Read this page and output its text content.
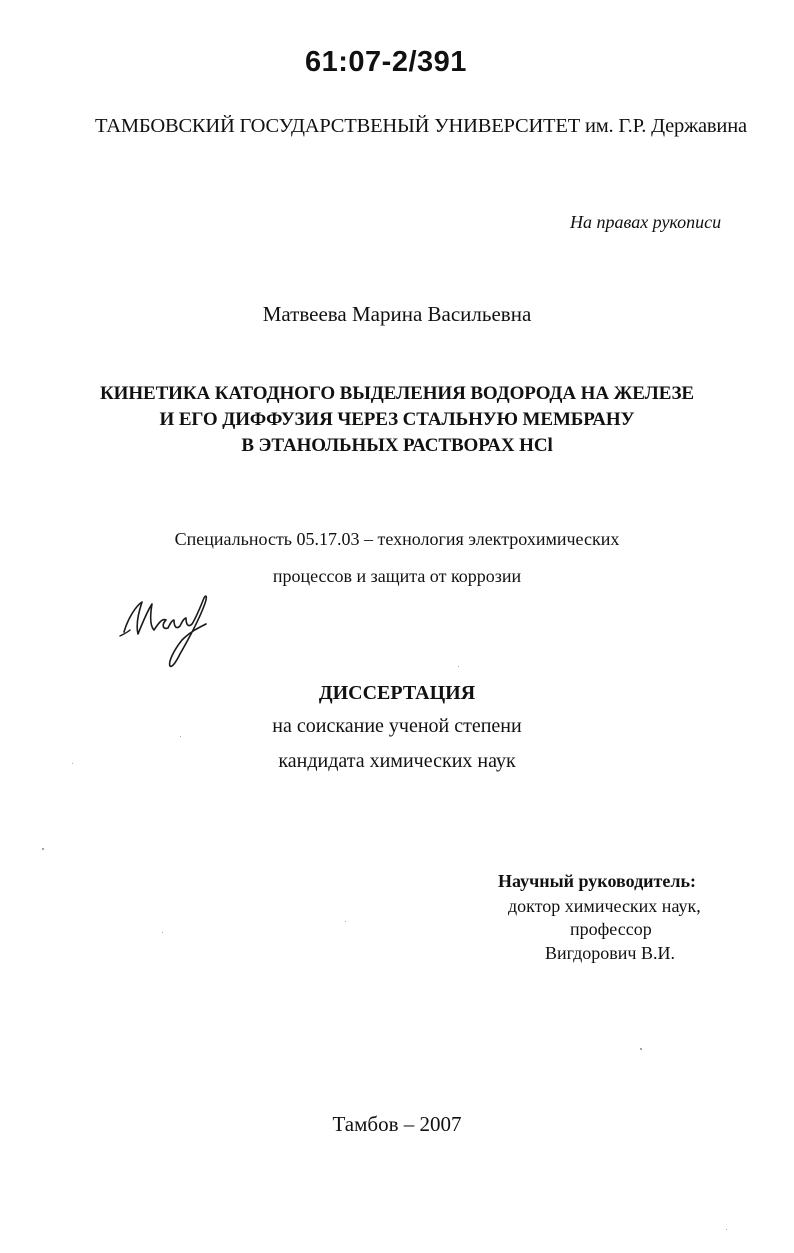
61:07-2/391
ТАМБОВСКИЙ ГОСУДАРСТВЕНЫЙ УНИВЕРСИТЕТ им. Г.Р. Державина
На правах рукописи
Матвеева Марина Васильевна
КИНЕТИКА КАТОДНОГО ВЫДЕЛЕНИЯ ВОДОРОДА НА ЖЕЛЕЗЕ
И ЕГО ДИФФУЗИЯ ЧЕРЕЗ СТАЛЬНУЮ МЕМБРАНУ
В ЭТАНОЛЬНЫХ РАСТВОРАХ HCl
Специальность 05.17.03 – технология электрохимических
процессов и защита от коррозии
ДИССЕРТАЦИЯ
на соискание ученой степени
кандидата химических наук
Научный руководитель:
доктор химических наук,
профессор
Вигдорович В.И.
Тамбов – 2007
